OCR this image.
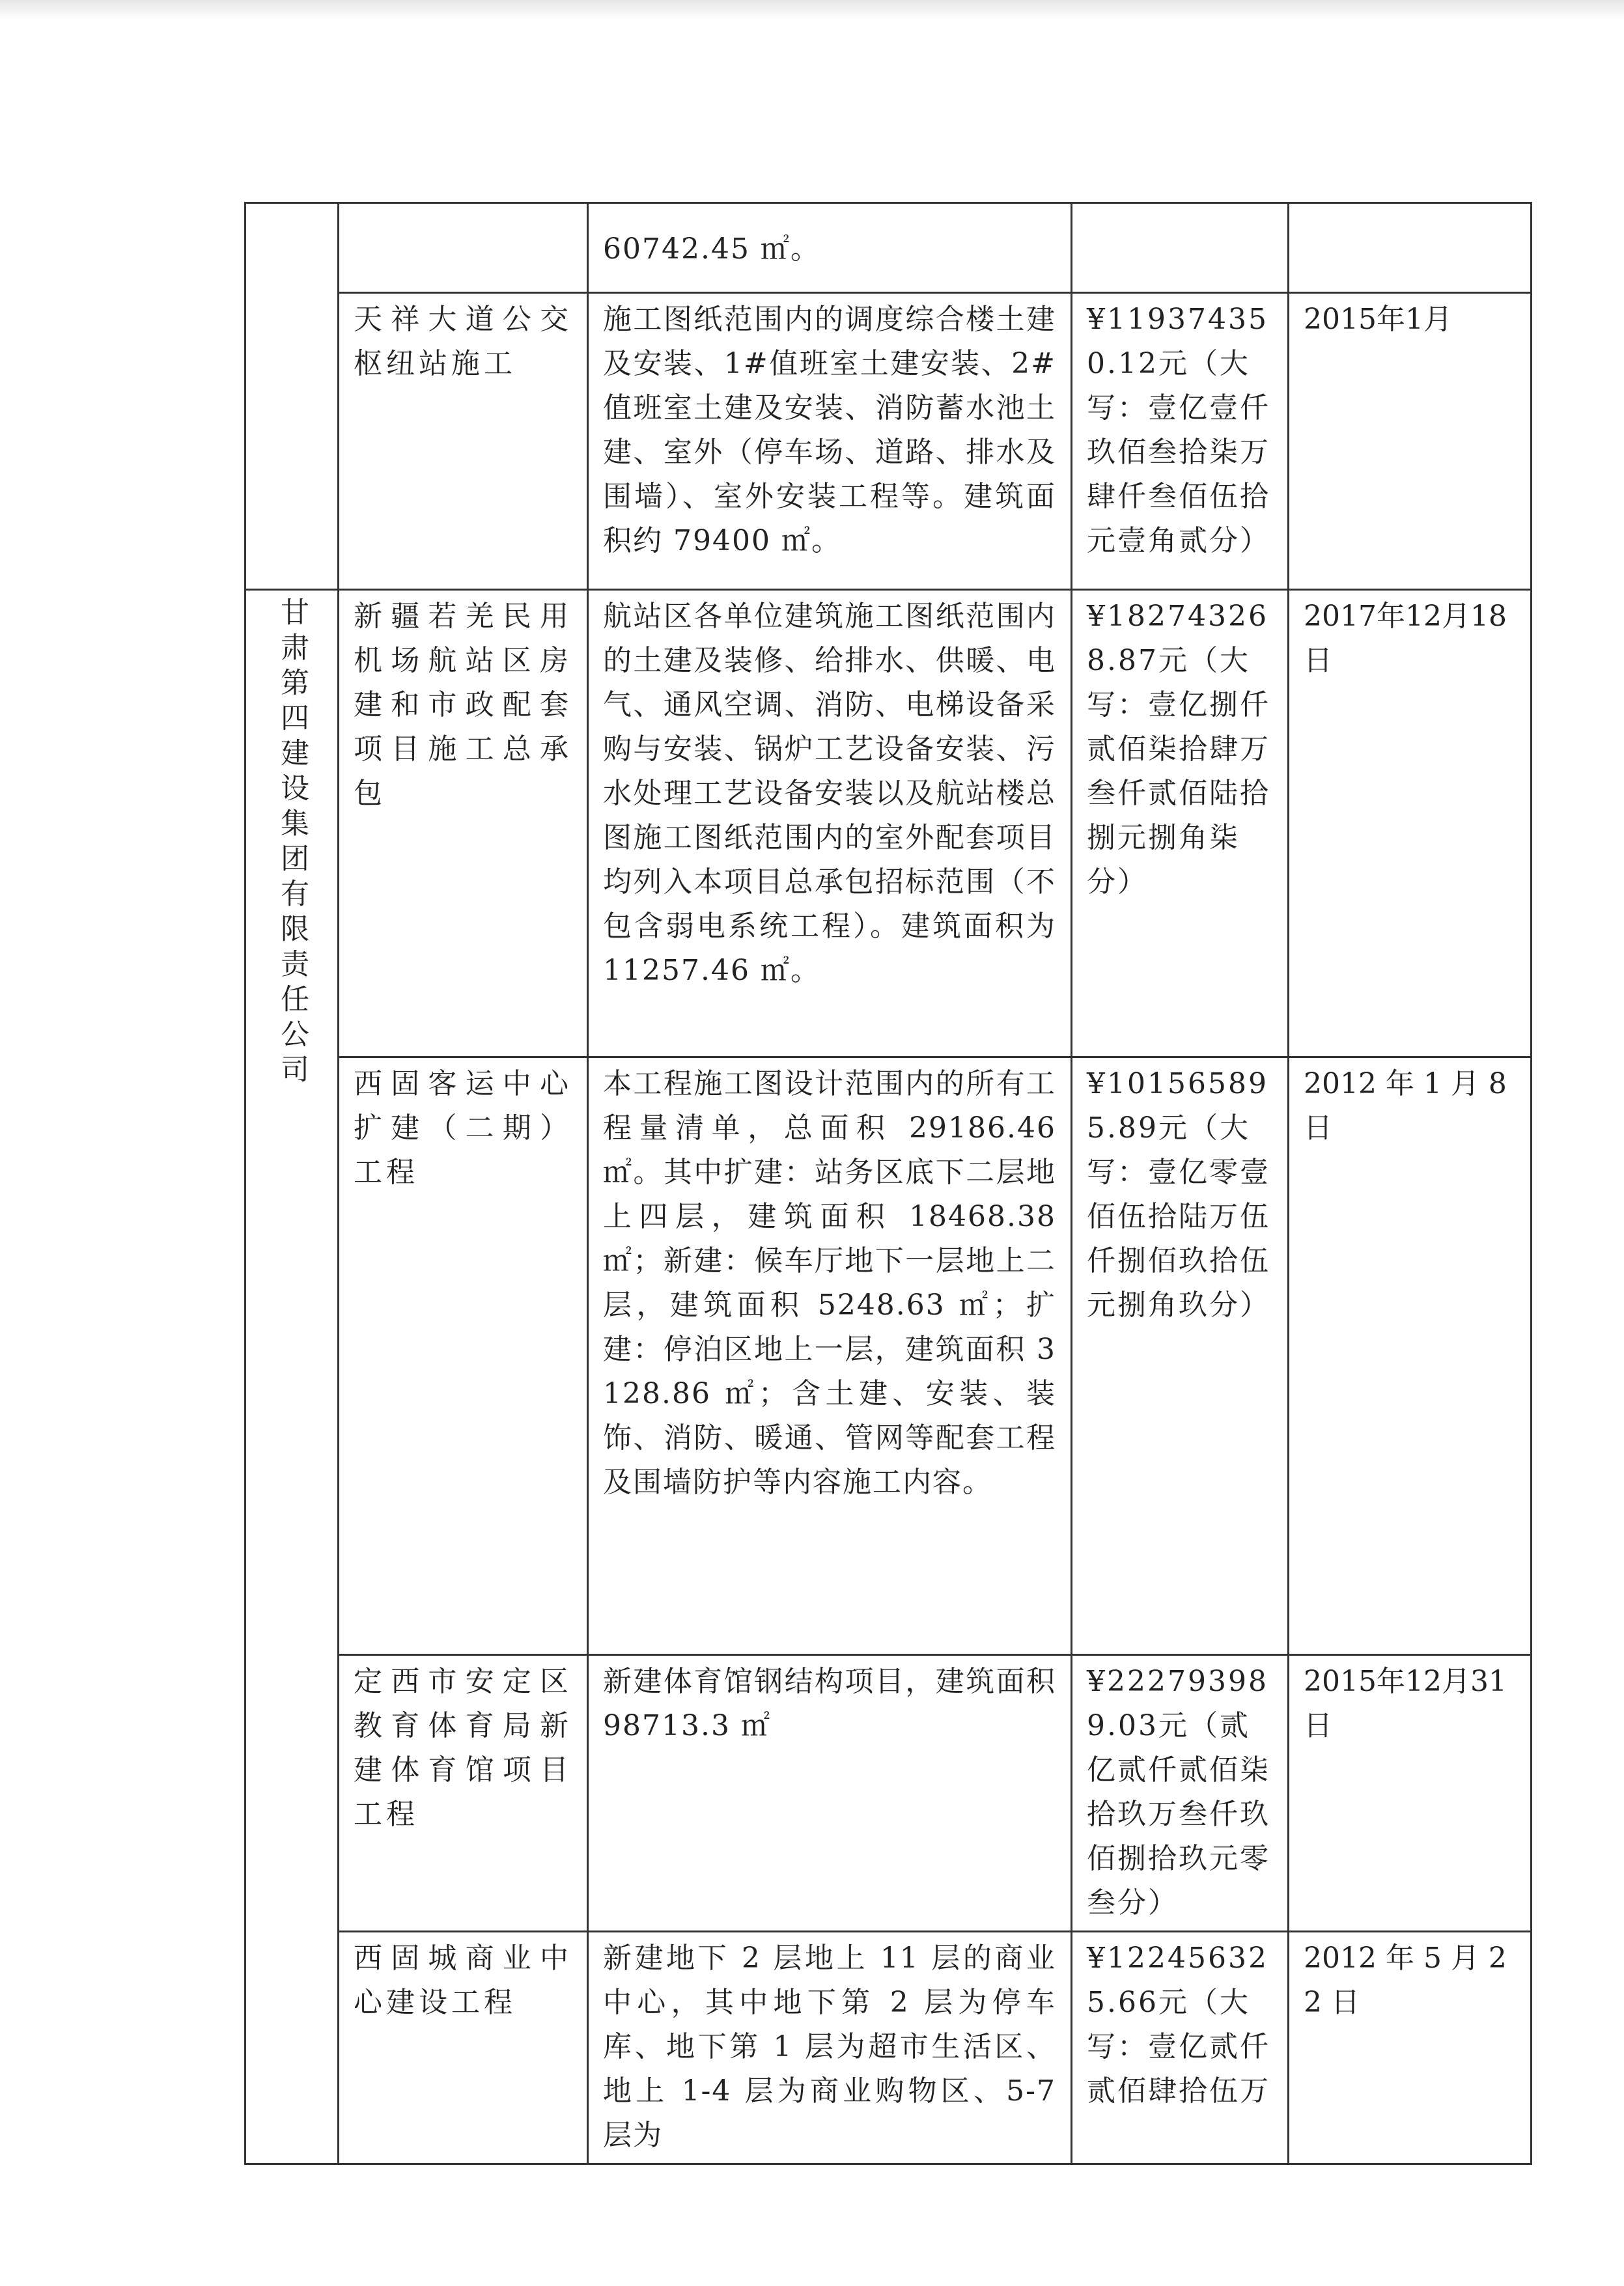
		60742.45 ㎡。		

	天祥大道公交枢纽站施工	施工图纸范围内的调度综合楼土建及安装、1#值班室土建安装、2#值班室土建及安装、消防蓄水池土建、室外（停车场、道路、排水及围墙）、室外安装工程等。建筑面积约 79400 ㎡。	¥119374350.12元（大写：壹亿壹仟玖佰叁拾柒万肆仟叁佰伍拾元壹角贰分）	2015年1月

甘肃第四建设集团有限责任公司	新疆若羌民用机场航站区房建和市政配套项目施工总承包	航站区各单位建筑施工图纸范围内的土建及装修、给排水、供暖、电气、通风空调、消防、电梯设备采购与安装、锅炉工艺设备安装、污水处理工艺设备安装以及航站楼总图施工图纸范围内的室外配套项目均列入本项目总承包招标范围（不包含弱电系统工程）。建筑面积为 11257.46 ㎡。	¥182743268.87元（大写：壹亿捌仟贰佰柒拾肆万叁仟贰佰陆拾捌元捌角柒分）	2017年12月18日

	西固客运中心扩建（二期）工程	本工程施工图设计范围内的所有工程量清单，总面积 29186.46 ㎡。其中扩建：站务区底下二层地上四层，建筑面积 18468.38 ㎡；新建：候车厅地下一层地上二层，建筑面积 5248.63 ㎡；扩建：停泊区地上一层，建筑面积 3128.86 ㎡；含土建、安装、装饰、消防、暖通、管网等配套工程及围墙防护等内容施工内容。	¥101565895.89元（大写：壹亿零壹佰伍拾陆万伍仟捌佰玖拾伍元捌角玖分）	2012 年 1 月 8 日

	定西市安定区教育体育局新建体育馆项目工程	新建体育馆钢结构项目，建筑面积 98713.3 ㎡	¥222793989.03元（贰亿贰仟贰佰柒拾玖万叁仟玖佰捌拾玖元零叁分）	2015年12月31日

	西固城商业中心建设工程	新建地下 2 层地上 11 层的商业中心，其中地下第 2 层为停车库、地下第 1 层为超市生活区、地上 1-4 层为商业购物区、5-7 层为	¥122456325.66元（大写：壹亿贰仟贰佰肆拾伍万	2012 年 5 月 22 日
